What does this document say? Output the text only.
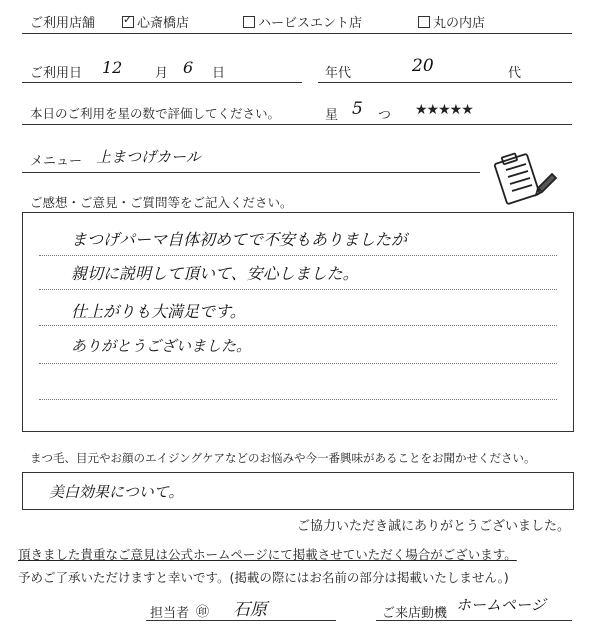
ご利用店舗
✓	心斎橋店	ハービスエント店	丸の内店
ご利用日 12	月 6 日	年代	20	代
本日のご利用を星の数で評価してください。	星 5 つ ★★★★★
メニュー 上まつげカール
ご感想・ご意見・ご質問等をご記入ください。
まつげパーマ自体初めてで不安もありましたが
親切に説明して頂いて、安心しました。
仕上がりも大満足です。
ありがとうございました。
まつ毛、目元やお顔のエイジングケアなどのお悩みや今一番興味があることをお聞かせください。
美白効果について。
ご協力いただき誠にありがとうございました。
頂きました貴重なご意見は公式ホームページにて掲載させていただく場合がございます。
予めご了承いただけますと幸いです。(掲載の際にはお名前の部分は掲載いたしません。)
担当者 ㊞ 石原	ご来店動機 ホームページ
